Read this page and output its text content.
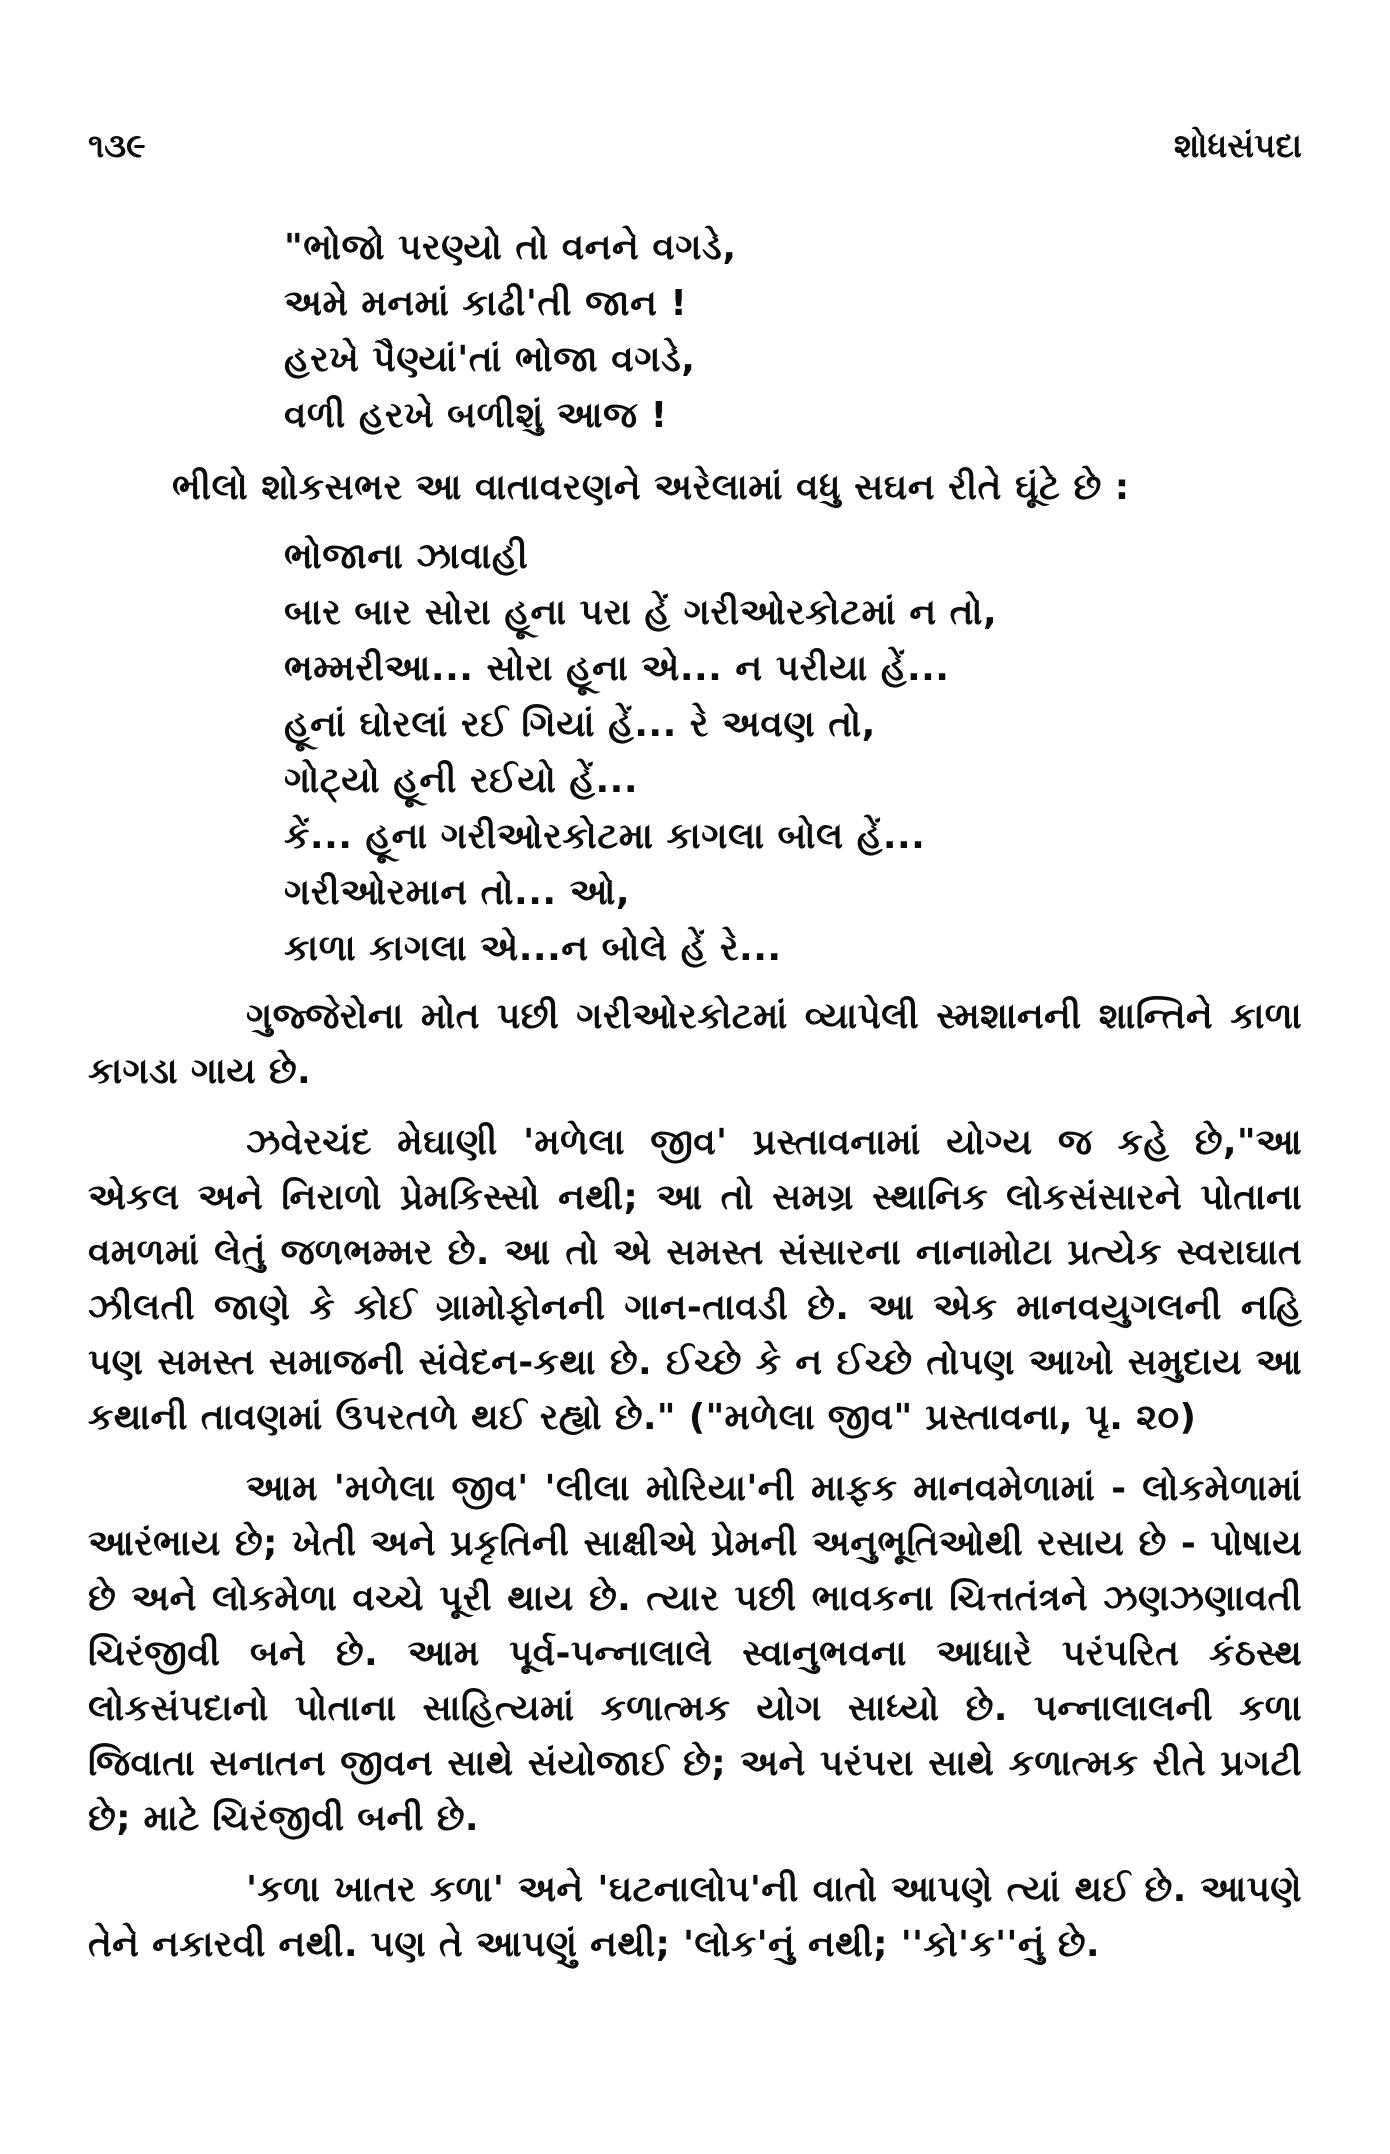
૧૩૯	શોધસંપદા
"ભોજો પરણ્યો તો વનને વગડે,
અમે મનમાં કાઢી'તી જાન !
હરખે પૈણ્યાં'તાં ભોજા વગડે,
વળી હરખે બળીશું આજ !
ભીલો શોકસભર આ વાતાવરણને અરેલામાં વધુ સઘન રીતે ઘૂંટે છે :
ભોજાના ઝાવાહી
બાર બાર સોરા હૂના પરા હેં ગરીઓરકોટમાં ન તો,
ભમ્મરીઆ... સોરા હૂના એ... ન પરીયા હેં...
હૂનાં ઘોરલાં રઈ ગિયાં હેં... રે અવણ તો,
ગોટ્યો હૂની રઈયો હેં...
કેં... હૂના ગરીઓરકોટમા કાગલા બોલ હેં...
ગરીઓરમાન તો... ઓ,
કાળા કાગલા એ...ન બોલે હેં રે...

ગુજ્જેરોના મોત પછી ગરીઓરકોટમાં વ્યાપેલી સ્મશાનની શાન્તિને કાળા કાગડા ગાય છે.

ઝવેરચંદ મેઘાણી 'મળેલા જીવ' પ્રસ્તાવનામાં યોગ્ય જ કહે છે,"આ એકલ અને નિરાળો પ્રેમકિસ્સો નથી; આ તો સમગ્ર સ્થાનિક લોકસંસારને પોતાના વમળમાં લેતું જળભમ્મર છે. આ તો એ સમસ્ત સંસારના નાનામોટા પ્રત્યેક સ્વરાઘાત ઝીલતી જાણે કે કોઈ ગ્રામોફોનની ગાન-તાવડી છે. આ એક માનવયુગલની નહિ પણ સમસ્ત સમાજની સંવેદન-કથા છે. ઈચ્છે કે ન ઈચ્છે તોપણ આખો સમુદાય આ કથાની તાવણમાં ઉપરતળે થઈ રહ્યો છે." ("મળેલા જીવ" પ્રસ્તાવના, પૃ. ૨૦)

આમ 'મળેલા જીવ' 'લીલા મોરિયા'ની માફક માનવમેળામાં - લોકમેળામાં આરંભાય છે; ખેતી અને પ્રકૃતિની સાક્ષીએ પ્રેમની અનુભૂતિઓથી રસાય છે - પોષાય છે અને લોકમેળા વચ્ચે પૂરી થાય છે. ત્યાર પછી ભાવકના ચિત્તતંત્રને ઝણઝણાવતી ચિરંજીવી બને છે. આમ પૂર્વ-પન્નાલાલે સ્વાનુભવના આધારે પરંપરિત કંઠસ્થ લોકસંપદાનો પોતાના સાહિત્યમાં કળાત્મક યોગ સાધ્યો છે. પન્નાલાલની કળા જિવાતા સનાતન જીવન સાથે સંયોજાઈ છે; અને પરંપરા સાથે કળાત્મક રીતે પ્રગટી છે; માટે ચિરંજીવી બની છે.

'કળા ખાતર કળા' અને 'ઘટનાલોપ'ની વાતો આપણે ત્યાં થઈ છે. આપણે તેને નકારવી નથી. પણ તે આપણું નથી; 'લોક'નું નથી; ''કો'ક''નું છે.
